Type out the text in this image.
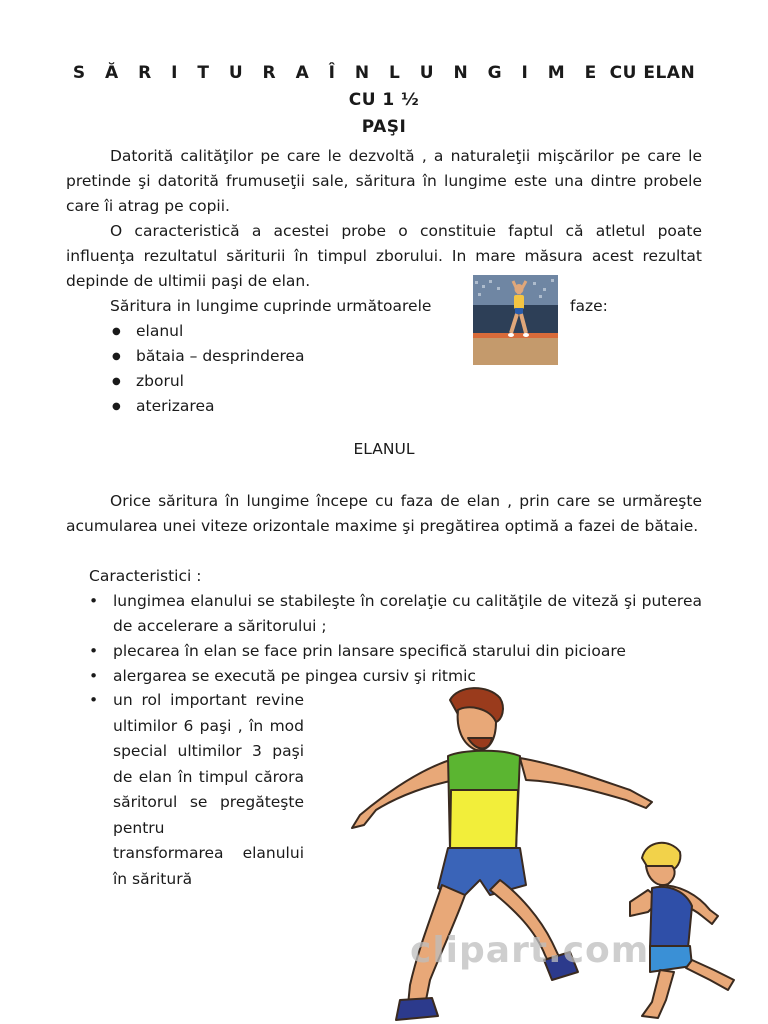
S Ă R I T U R A Î N L U N G I M E CU ELAN CU 1 ½
PAŞI
Datorită calităţilor pe care le dezvoltă , a naturaleţii mişcărilor pe care le pretinde şi datorită frumuseţii sale, săritura în lungime este una dintre probele care îi atrag pe copii.
O caracteristică a acestei probe o constituie faptul că atletul poate influenţa rezultatul săriturii în timpul zborului. In mare măsura acest rezultat depinde de ultimii paşi de elan.
Săritura in lungime cuprinde următoarele	faze:
● elanul
● bătaia – desprinderea
● zborul
● aterizarea
ELANUL
Orice săritura în lungime începe cu faza de elan , prin care se urmăreşte acumularea unei viteze orizontale maxime şi pregătirea optimă a fazei de bătaie.
Caracteristici :
• lungimea elanului se stabileşte în corelaţie cu calităţile de viteză şi puterea de accelerare a săritorului ;
• plecarea în elan se face prin lansare specifică starului din picioare
• alergarea se execută pe pingea cursiv şi ritmic
• un rol important revine ultimilor 6 paşi , în mod special ultimilor 3 paşi de elan în timpul cărora săritorul se pregăteşte pentru
transformarea elanului în săritură
clipart.com
